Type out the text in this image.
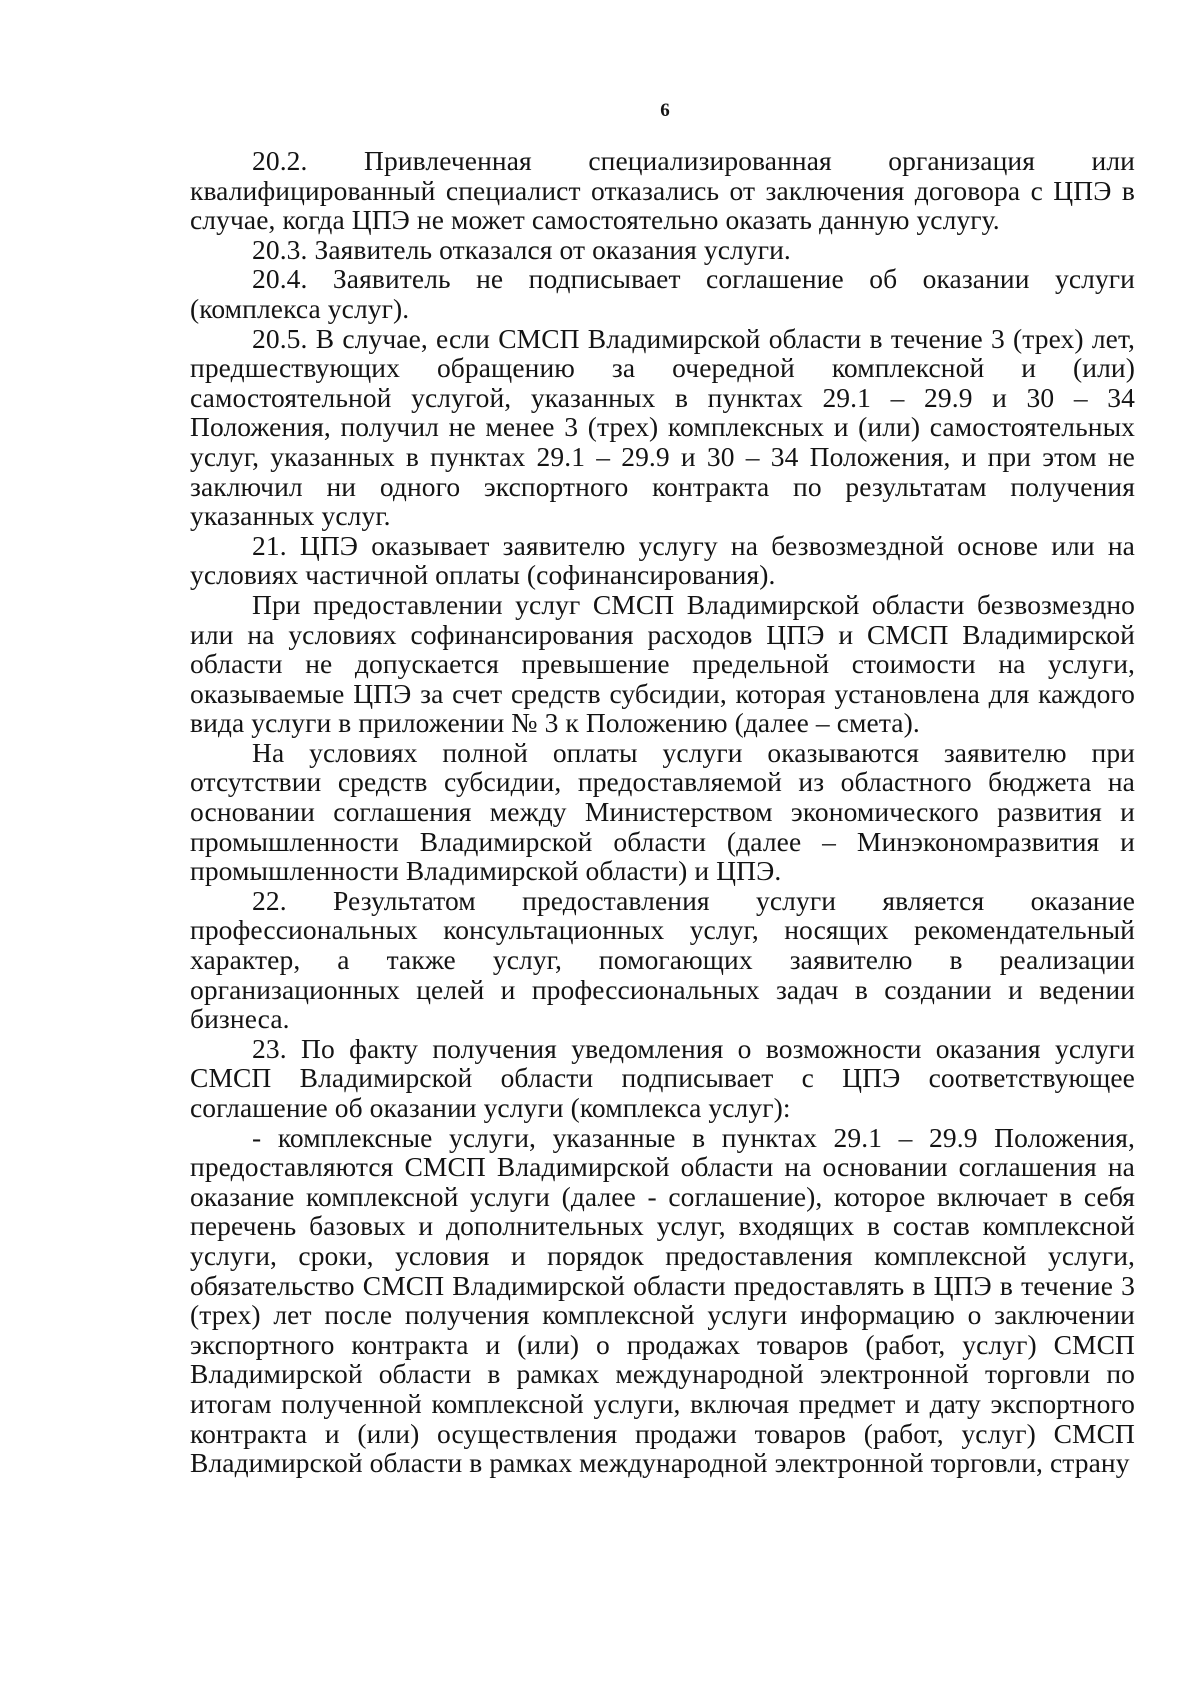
6

20.2. Привлеченная специализированная организация или квалифицированный специалист отказались от заключения договора с ЦПЭ в случае, когда ЦПЭ не может самостоятельно оказать данную услугу.

20.3. Заявитель отказался от оказания услуги.

20.4. Заявитель не подписывает соглашение об оказании услуги (комплекса услуг).

20.5. В случае, если СМСП Владимирской области в течение 3 (трех) лет, предшествующих обращению за очередной комплексной и (или) самостоятельной услугой, указанных в пунктах 29.1 – 29.9 и 30 – 34 Положения, получил не менее 3 (трех) комплексных и (или) самостоятельных услуг, указанных в пунктах 29.1 – 29.9 и 30 – 34 Положения, и при этом не заключил ни одного экспортного контракта по результатам получения указанных услуг.

21. ЦПЭ оказывает заявителю услугу на безвозмездной основе или на условиях частичной оплаты (софинансирования).

При предоставлении услуг СМСП Владимирской области безвозмездно или на условиях софинансирования расходов ЦПЭ и СМСП Владимирской области не допускается превышение предельной стоимости на услуги, оказываемые ЦПЭ за счет средств субсидии, которая установлена для каждого вида услуги в приложении № 3 к Положению (далее – смета).

На условиях полной оплаты услуги оказываются заявителю при отсутствии средств субсидии, предоставляемой из областного бюджета на основании соглашения между Министерством экономического развития и промышленности Владимирской области (далее – Минэкономразвития и промышленности Владимирской области) и ЦПЭ.

22. Результатом предоставления услуги является оказание профессиональных консультационных услуг, носящих рекомендательный характер, а также услуг, помогающих заявителю в реализации организационных целей и профессиональных задач в создании и ведении бизнеса.

23. По факту получения уведомления о возможности оказания услуги СМСП Владимирской области подписывает с ЦПЭ соответствующее соглашение об оказании услуги (комплекса услуг):

- комплексные услуги, указанные в пунктах 29.1 – 29.9 Положения, предоставляются СМСП Владимирской области на основании соглашения на оказание комплексной услуги (далее - соглашение), которое включает в себя перечень базовых и дополнительных услуг, входящих в состав комплексной услуги, сроки, условия и порядок предоставления комплексной услуги, обязательство СМСП Владимирской области предоставлять в ЦПЭ в течение 3 (трех) лет после получения комплексной услуги информацию о заключении экспортного контракта и (или) о продажах товаров (работ, услуг) СМСП Владимирской области в рамках международной электронной торговли по итогам полученной комплексной услуги, включая предмет и дату экспортного контракта и (или) осуществления продажи товаров (работ, услуг) СМСП Владимирской области в рамках международной электронной торговли, страну
